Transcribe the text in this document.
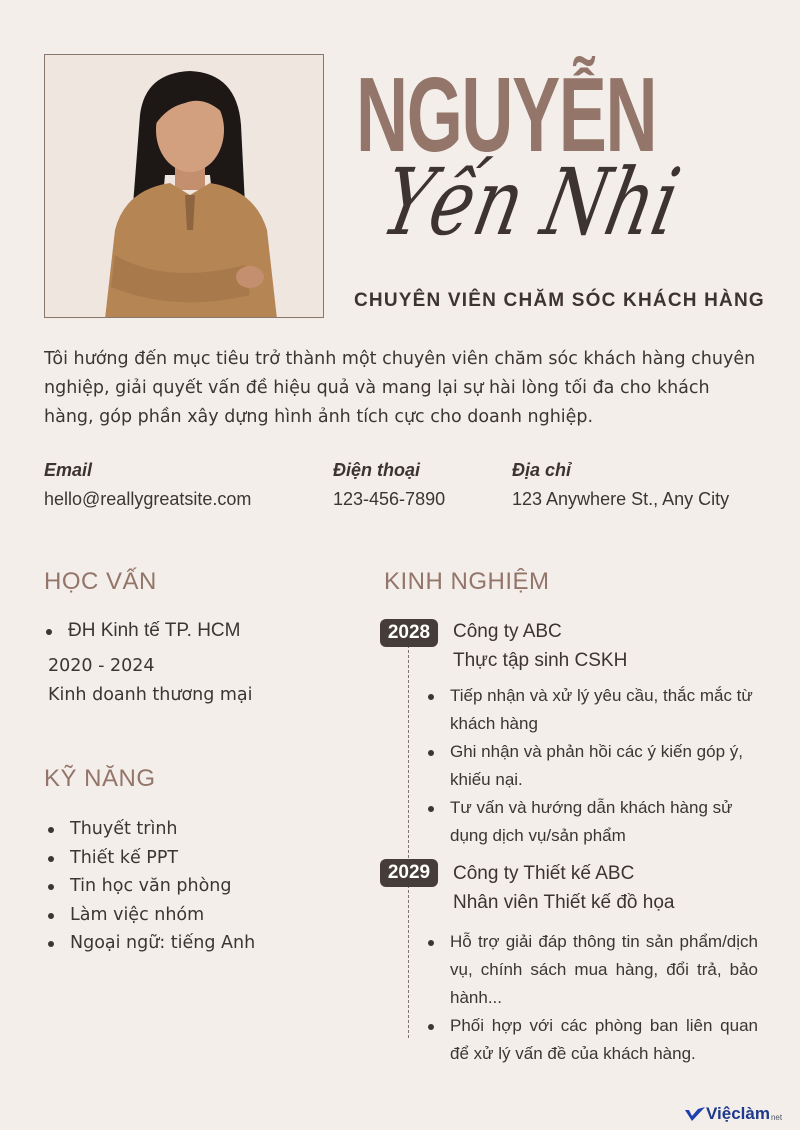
NGUYỄN
Yến Nhi
CHUYÊN VIÊN CHĂM SÓC KHÁCH HÀNG

Tôi hướng đến mục tiêu trở thành một chuyên viên chăm sóc khách hàng chuyên nghiệp, giải quyết vấn đề hiệu quả và mang lại sự hài lòng tối đa cho khách hàng, góp phần xây dựng hình ảnh tích cực cho doanh nghiệp.

Email
hello@reallygreatsite.com
Điện thoại
123-456-7890
Địa chỉ
123 Anywhere St., Any City
HỌC VẤN
ĐH Kinh tế TP. HCM
2020 - 2024
Kinh doanh thương mại
KỸ NĂNG
Thuyết trình
Thiết kế PPT
Tin học văn phòng
Làm việc nhóm
Ngoại ngữ: tiếng Anh
KINH NGHIỆM
2028	Công ty ABC
Thực tập sinh CSKH
Tiếp nhận và xử lý yêu cầu, thắc mắc từ khách hàng
Ghi nhận và phản hồi các ý kiến góp ý, khiếu nại.
Tư vấn và hướng dẫn khách hàng sử dụng dịch vụ/sản phẩm
2029	Công ty Thiết kế ABC
Nhân viên Thiết kế đồ họa
Hỗ trợ giải đáp thông tin sản phẩm/dịch vụ, chính sách mua hàng, đổi trả, bảo hành...
Phối hợp với các phòng ban liên quan để xử lý vấn đề của khách hàng.
Việclàm net
